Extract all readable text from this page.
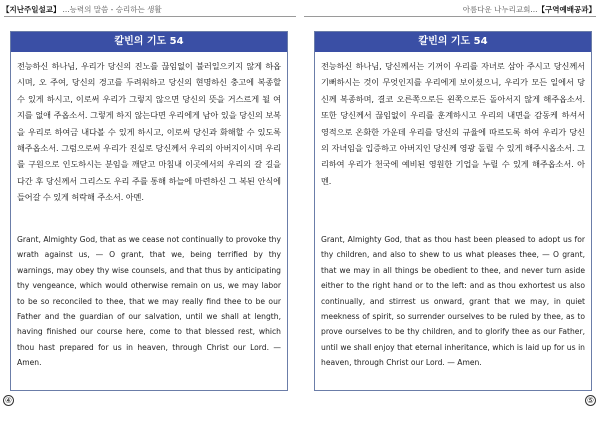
【지난주일설교】 ...능력의 말씀 - 승리하는 생활
칼빈의 기도 54

전능하신 하나님, 우리가 당신의 진노를 끊임없이 불러일으키지 않게 하옵시며, 오 주여, 당신의 경고를 두려워하고 당신의 현명하신 충고에 복종할 수 있게 하시고, 이로써 우리가 그렇지 않으면 당신의 뜻을 거스르게 될 여지를 없애 주옵소서. 그렇게 하지 않는다면 우리에게 남아 있을 당신의 보복을 우리로 하여금 내다볼 수 있게 하시고, 이로써 당신과 화해할 수 있도록 해주옵소서. 그럼으로써 우리가 진실로 당신께서 우리의 아버지이시며 우리를 구원으로 인도하시는 분임을 깨닫고 마침내 이곳에서의 우리의 갈 길을 다간 후 당신께서 그리스도 우리 주를 통해 하늘에 마련하신 그 복된 안식에 들어갈 수 있게 허락해 주소서. 아멘.

Grant, Almighty God, that as we cease not continually to provoke thy wrath against us, — O grant, that we, being terrified by thy warnings, may obey thy wise counsels, and that thus by anticipating thy vengeance, which would otherwise remain on us, we may labor to be so reconciled to thee, that we may really find thee to be our Father and the guardian of our salvation, until we shall at length, having finished our course here, come to that blessed rest, which thou hast prepared for us in heaven, through Christ our Lord. — Amen.

④
아름다운 나누리교회...【구역예배공과】
칼빈의 기도 54

전능하신 하나님, 당신께서는 기꺼이 우리를 자녀로 삼아 주시고 당신께서 기뻐하시는 것이 무엇인지를 우리에게 보이셨으니, 우리가 모든 일에서 당신께 복종하며, 결코 오른쪽으로든 왼쪽으로든 돌아서지 않게 해주옵소서. 또한 당신께서 끊임없이 우리를 훈계하시고 우리의 내면을 감동케 하셔서 영적으로 온화한 가운데 우리를 당신의 규율에 따르도록 하여 우리가 당신의 자녀임을 입증하고 아버지인 당신께 영광 돌릴 수 있게 해주시옵소서. 그리하여 우리가 천국에 예비된 영원한 기업을 누릴 수 있게 해주옵소서. 아멘.

Grant, Almighty God, that as thou hast been pleased to adopt us for thy children, and also to shew to us what pleases thee, — O grant, that we may in all things be obedient to thee, and never turn aside either to the right hand or to the left: and as thou exhortest us also continually, and stirrest us onward, grant that we may, in quiet meekness of spirit, so surrender ourselves to be ruled by thee, as to prove ourselves to be thy children, and to glorify thee as our Father, until we shall enjoy that eternal inheritance, which is laid up for us in heaven, through Christ our Lord. — Amen.

⑤
